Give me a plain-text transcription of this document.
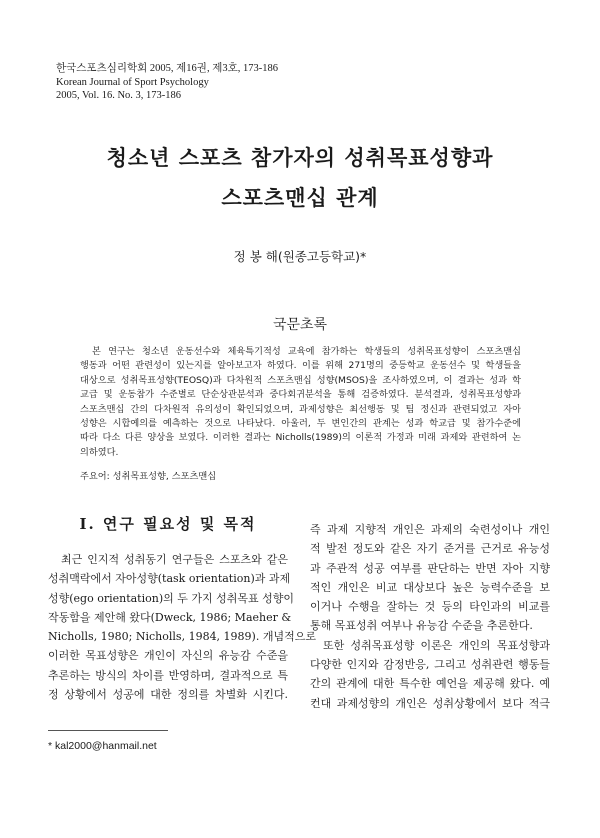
한국스포츠심리학회 2005, 제16권, 제3호, 173-186
Korean Journal of Sport Psychology
2005, Vol. 16. No. 3, 173-186
청소년 스포츠 참가자의 성취목표성향과
스포츠맨십 관계
정 봉 해(원종고등학교)*
국문초록
본 연구는 청소년 운동선수와 체육특기적성 교육에 참가하는 학생들의 성취목표성향이 스포츠맨십
행동과 어떤 관련성이 있는지를 알아보고자 하였다. 이를 위해 271명의 중등학교 운동선수 및 학생들을
대상으로 성취목표성향(TEOSQ)과 다차원적 스포츠맨십 성향(MSOS)을 조사하였으며, 이 결과는 성과 학
교급 및 운동참가 수준별로 단순상관분석과 중다회귀분석을 통해 검증하였다. 분석결과, 성취목표성향과
스포츠맨십 간의 다차원적 유의성이 확인되었으며, 과제성향은 최선행동 및 팀 정신과 관련되었고 자아
성향은 시합예의를 예측하는 것으로 나타났다. 아울러, 두 변인간의 관계는 성과 학교급 및 참가수준에
따라 다소 다른 양상을 보였다. 이러한 결과는 Nicholls(1989)의 이론적 가정과 미래 과제와 관련하여 논
의하였다.
주요어: 성취목표성향, 스포츠맨십
Ⅰ. 연구 필요성 및 목적
최근 인지적 성취동기 연구들은 스포츠와 같은
성취맥락에서 자아성향(task orientation)과 과제
성향(ego orientation)의 두 가지 성취목표 성향이
작동함을 제안해 왔다(Dweck, 1986; Maeher &
Nicholls, 1980; Nicholls, 1984, 1989). 개념적으로
이러한 목표성향은 개인이 자신의 유능감 수준을
추론하는 방식의 차이를 반영하며, 결과적으로 특
정 상황에서 성공에 대한 정의를 차별화 시킨다.
즉 과제 지향적 개인은 과제의 숙련성이나 개인
적 발전 정도와 같은 자기 준거를 근거로 유능성
과 주관적 성공 여부를 판단하는 반면 자아 지향
적인 개인은 비교 대상보다 높은 능력수준을 보
이거나 수행을 잘하는 것 등의 타인과의 비교를
통해 목표성취 여부나 유능감 수준을 추론한다.
또한 성취목표성향 이론은 개인의 목표성향과
다양한 인지와 감정반응, 그리고 성취관련 행동들
간의 관계에 대한 특수한 예언을 제공해 왔다. 예
컨대 과제성향의 개인은 성취상황에서 보다 적극
* kal2000@hanmail.net
